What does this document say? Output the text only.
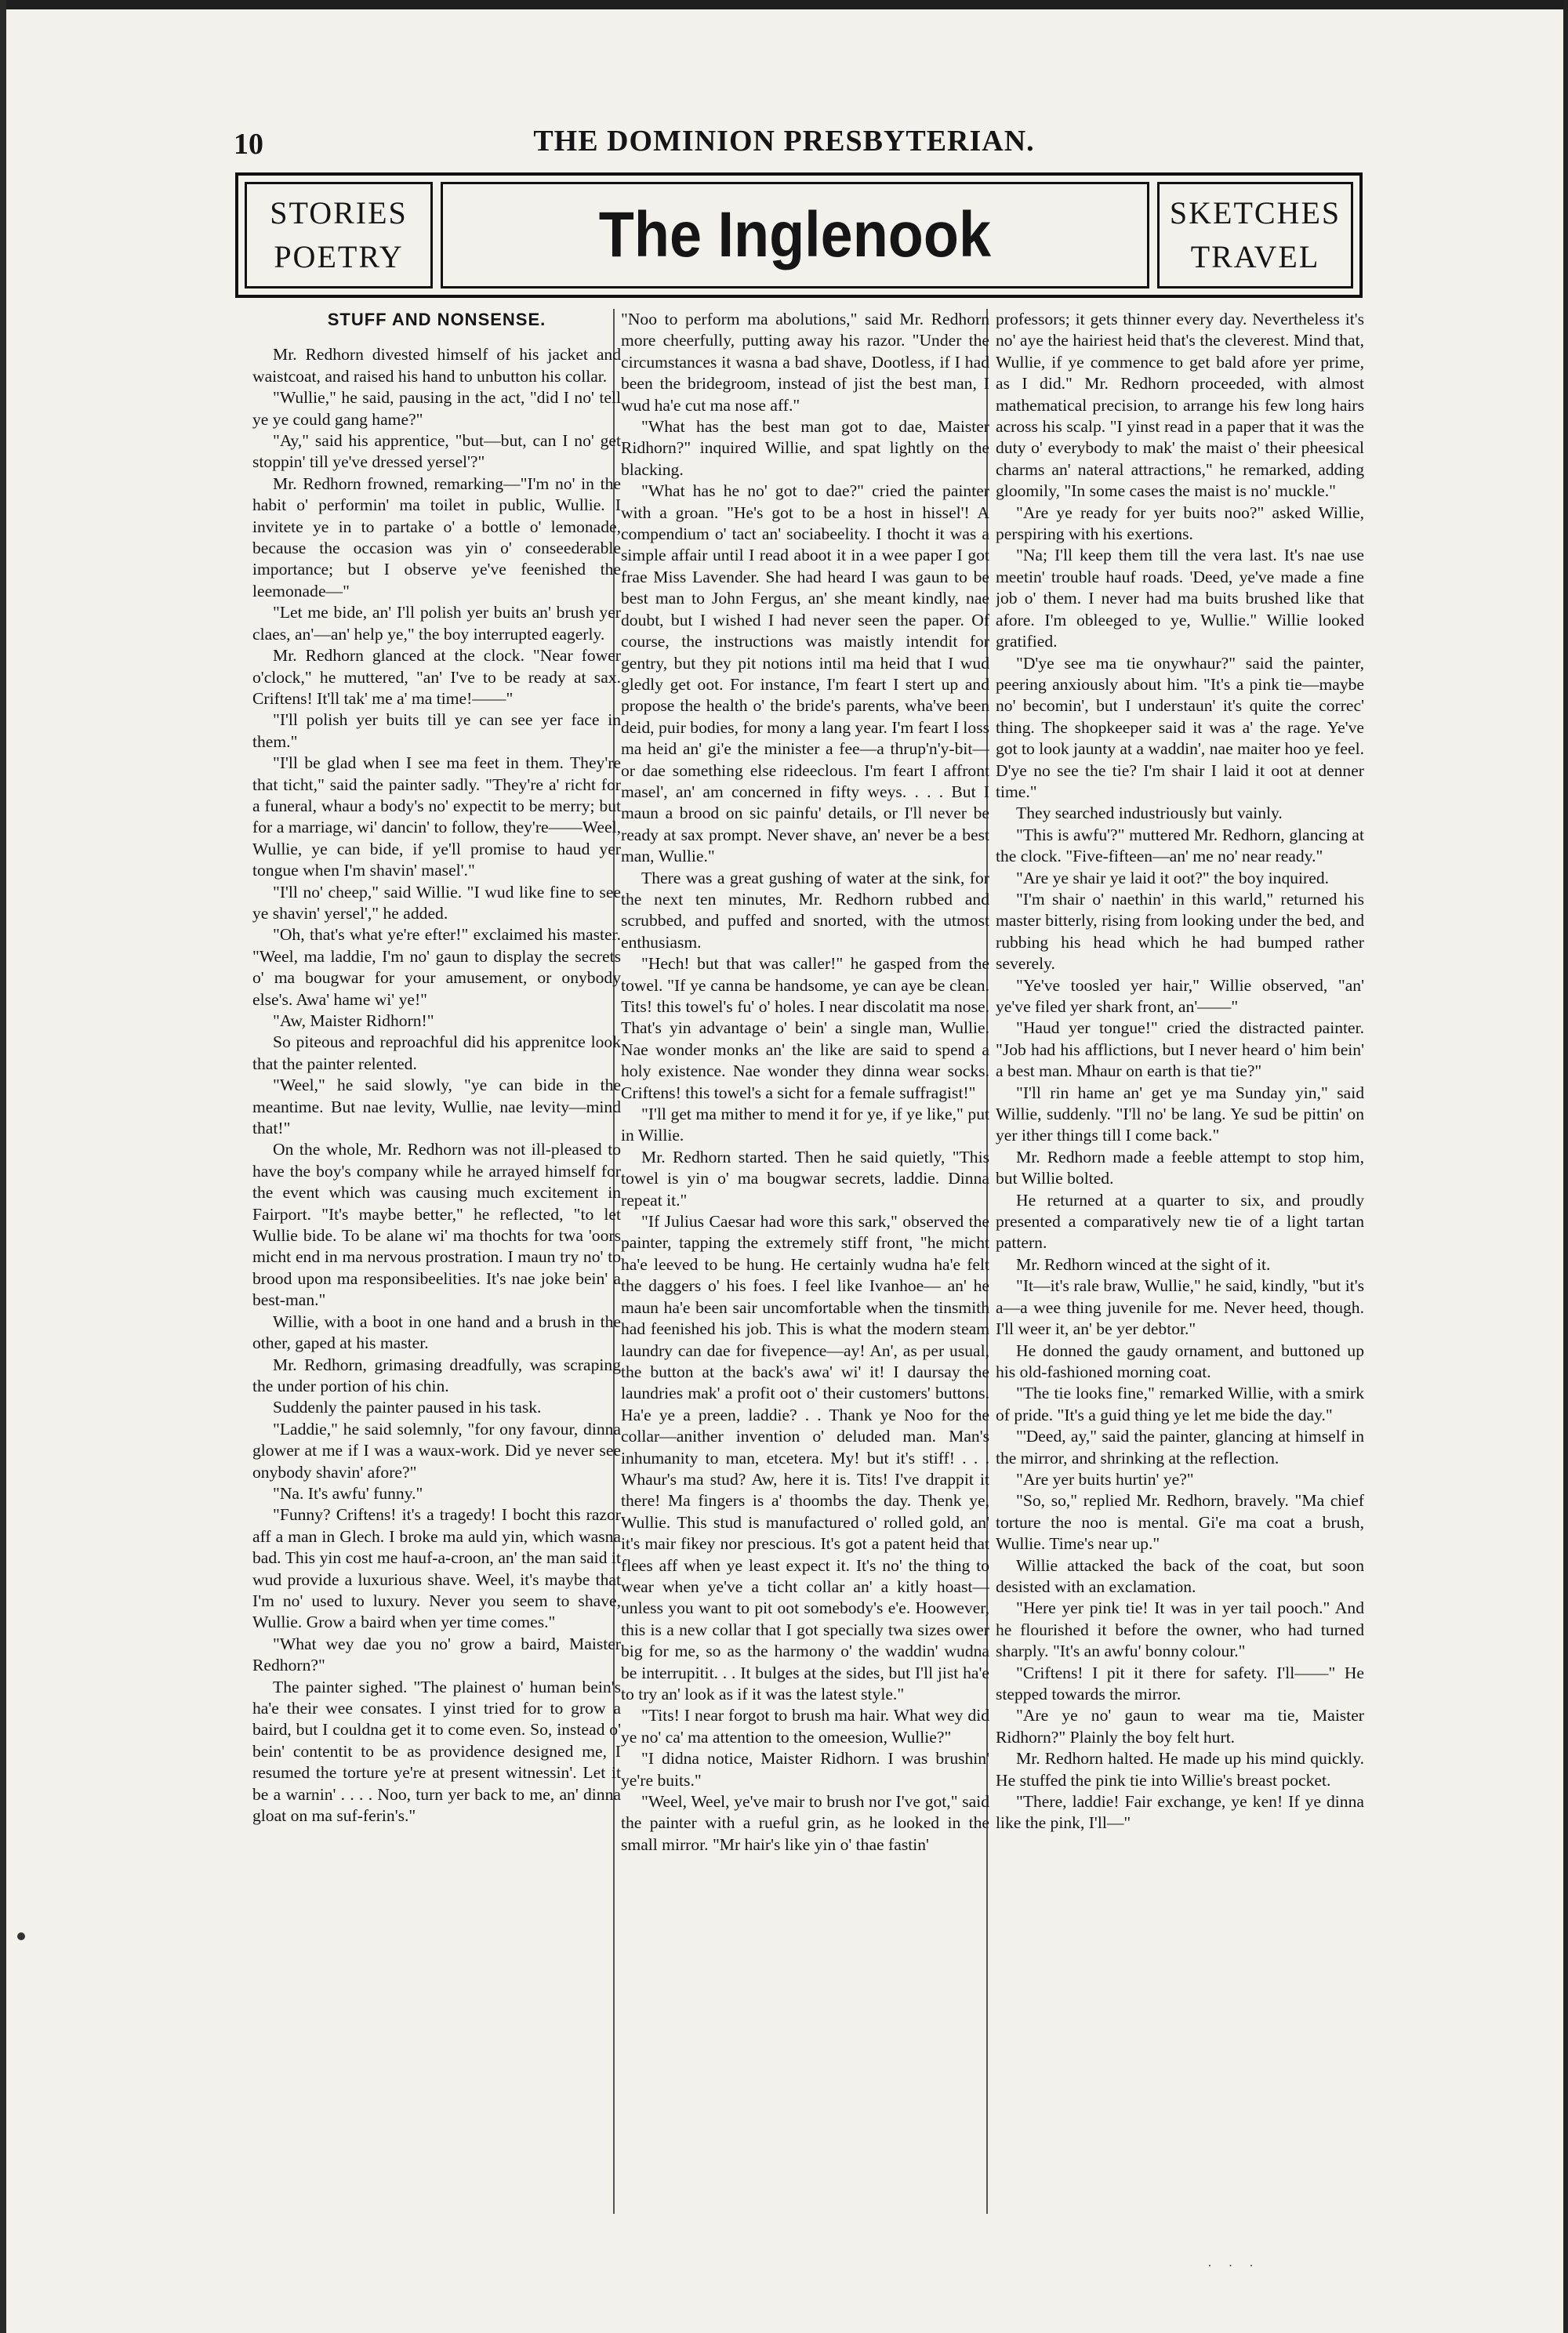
10	THE DOMINION PRESBYTERIAN.
STORIES
POETRY	The Inglenook	SKETCHES
TRAVEL
STUFF AND NONSENSE.

Mr. Redhorn divested himself of his jacket and waistcoat, and raised his hand to unbutton his collar.

"Wullie," he said, pausing in the act, "did I no' tell ye ye could gang hame?"

"Ay," said his apprentice, "but—but, can I no' get stoppin' till ye've dressed yersel'?"

Mr. Redhorn frowned, remarking—"I'm no' in the habit o' performin' ma toilet in public, Wullie. I invitete ye in to partake o' a bottle o' lemonade, because the occasion was yin o' conseederable importance; but I observe ye've feenished the leemonade—"

"Let me bide, an' I'll polish yer buits an' brush yer claes, an'—an' help ye," the boy interrupted eagerly.

Mr. Redhorn glanced at the clock. "Near fower o'clock," he muttered, "an' I've to be ready at sax. Criftens! It'll tak' me a' ma time!——"

"I'll polish yer buits till ye can see yer face in them."

"I'll be glad when I see ma feet in them. They're that ticht," said the painter sadly. "They're a' richt for a funeral, whaur a body's no' expectit to be merry; but for a marriage, wi' dancin' to follow, they're——Weel, Wullie, ye can bide, if ye'll promise to haud yer tongue when I'm shavin' masel'."

"I'll no' cheep," said Willie. "I wud like fine to see ye shavin' yersel'," he added.

"Oh, that's what ye're efter!" exclaimed his master. "Weel, ma laddie, I'm no' gaun to display the secrets o' ma bougwar for your amusement, or onybody else's. Awa' hame wi' ye!"

"Aw, Maister Ridhorn!"

So piteous and reproachful did his apprenitce look that the painter relented.

"Weel," he said slowly, "ye can bide in the meantime. But nae levity, Wullie, nae levity—mind that!"

On the whole, Mr. Redhorn was not ill-pleased to have the boy's company while he arrayed himself for the event which was causing much excitement in Fairport. "It's maybe better," he reflected, "to let Wullie bide. To be alane wi' ma thochts for twa 'oors micht end in ma nervous prostration. I maun try no' to brood upon ma responsibeelities. It's nae joke bein' a best-man."

Willie, with a boot in one hand and a brush in the other, gaped at his master.

Mr. Redhorn, grimasing dreadfully, was scraping the under portion of his chin.

Suddenly the painter paused in his task.

"Laddie," he said solemnly, "for ony favour, dinna glower at me if I was a waux-work. Did ye never see onybody shavin' afore?"

"Na. It's awfu' funny."

"Funny? Criftens! it's a tragedy! I bocht this razor aff a man in Glech. I broke ma auld yin, which wasna bad. This yin cost me hauf-a-croon, an' the man said it wud provide a luxurious shave. Weel, it's maybe that I'm no' used to luxury. Never you seem to shave, Wullie. Grow a baird when yer time comes."

"What wey dae you no' grow a baird, Maister Redhorn?"

The painter sighed. "The plainest o' human bein's ha'e their wee consates. I yinst tried for to grow a baird, but I couldna get it to come even. So, instead o' bein' contentit to be as providence designed me, I resumed the torture ye're at present witnessin'. Let it be a warnin' . . . . Noo, turn yer back to me, an' dinna gloat on ma suf-ferin's."

"Noo to perform ma abolutions," said Mr. Redhorn more cheerfully, putting away his razor. "Under the circumstances it wasna a bad shave, Dootless, if I had been the bridegroom, instead of jist the best man, I wud ha'e cut ma nose aff."

"What has the best man got to dae, Maister Ridhorn?" inquired Willie, and spat lightly on the blacking.

"What has he no' got to dae?" cried the painter with a groan. "He's got to be a host in hissel'! A compendium o' tact an' sociabeelity. I thocht it was a simple affair until I read aboot it in a wee paper I got frae Miss Lavender. She had heard I was gaun to be best man to John Fergus, an' she meant kindly, nae doubt, but I wished I had never seen the paper. Of course, the instructions was maistly intendit for gentry, but they pit notions intil ma heid that I wud gledly get oot. For instance, I'm feart I stert up and propose the health o' the bride's parents, wha've been deid, puir bodies, for mony a lang year. I'm feart I loss ma heid an' gi'e the minister a fee—a thrup'n'y-bit—or dae something else rideeclous. I'm feart I affront masel', an' am concerned in fifty weys. . . . But I maun a brood on sic painfu' details, or I'll never be ready at sax prompt. Never shave, an' never be a best man, Wullie."

There was a great gushing of water at the sink, for the next ten minutes, Mr. Redhorn rubbed and scrubbed, and puffed and snorted, with the utmost enthusiasm.

"Hech! but that was caller!" he gasped from the towel. "If ye canna be handsome, ye can aye be clean. Tits! this towel's fu' o' holes. I near discolatit ma nose. That's yin advantage o' bein' a single man, Wullie. Nae wonder monks an' the like are said to spend a holy existence. Nae wonder they dinna wear socks. Criftens! this towel's a sicht for a female suffragist!"

"I'll get ma mither to mend it for ye, if ye like," put in Willie.

Mr. Redhorn started. Then he said quietly, "This towel is yin o' ma bougwar secrets, laddie. Dinna repeat it."

"If Julius Caesar had wore this sark," observed the painter, tapping the extremely stiff front, "he micht ha'e leeved to be hung. He certainly wudna ha'e felt the daggers o' his foes. I feel like Ivanhoe— an' he maun ha'e been sair uncomfortable when the tinsmith had feenished his job. This is what the modern steam laundry can dae for fivepence—ay! An', as per usual, the button at the back's awa' wi' it! I daursay the laundries mak' a profit oot o' their customers' buttons. Ha'e ye a preen, laddie? . . Thank ye Noo for the collar—anither invention o' deluded man. Man's inhumanity to man, etcetera. My! but it's stiff! . . . Whaur's ma stud? Aw, here it is. Tits! I've drappit it there! Ma fingers is a' thoombs the day. Thenk ye, Wullie. This stud is manufactured o' rolled gold, an' it's mair fikey nor prescious. It's got a patent heid that flees aff when ye least expect it. It's no' the thing to wear when ye've a ticht collar an' a kitly hoast—unless you want to pit oot somebody's e'e. Hoowever, this is a new collar that I got specially twa sizes ower big for me, so as the harmony o' the waddin' wudna be interrupitit. . . It bulges at the sides, but I'll jist ha'e to try an' look as if it was the latest style."

"Tits! I near forgot to brush ma hair. What wey did ye no' ca' ma attention to the omeesion, Wullie?"

"I didna notice, Maister Ridhorn. I was brushin' ye're buits."

"Weel, Weel, ye've mair to brush nor I've got," said the painter with a rueful grin, as he looked in the small mirror. "Mr hair's like yin o' thae fastin'

professors; it gets thinner every day. Nevertheless it's no' aye the hairiest heid that's the cleverest. Mind that, Wullie, if ye commence to get bald afore yer prime, as I did." Mr. Redhorn proceeded, with almost mathematical precision, to arrange his few long hairs across his scalp. "I yinst read in a paper that it was the duty o' everybody to mak' the maist o' their pheesical charms an' nateral attractions," he remarked, adding gloomily, "In some cases the maist is no' muckle."

"Are ye ready for yer buits noo?" asked Willie, perspiring with his exertions.

"Na; I'll keep them till the vera last. It's nae use meetin' trouble hauf roads. 'Deed, ye've made a fine job o' them. I never had ma buits brushed like that afore. I'm obleeged to ye, Wullie." Willie looked gratified.

"D'ye see ma tie onywhaur?" said the painter, peering anxiously about him. "It's a pink tie—maybe no' becomin', but I understaun' it's quite the correc' thing. The shopkeeper said it was a' the rage. Ye've got to look jaunty at a waddin', nae maiter hoo ye feel. D'ye no see the tie? I'm shair I laid it oot at denner time."

They searched industriously but vainly.

"This is awfu'?" muttered Mr. Redhorn, glancing at the clock. "Five-fifteen—an' me no' near ready."

"Are ye shair ye laid it oot?" the boy inquired.

"I'm shair o' naethin' in this warld," returned his master bitterly, rising from looking under the bed, and rubbing his head which he had bumped rather severely.

"Ye've toosled yer hair," Willie observed, "an' ye've filed yer shark front, an'——"

"Haud yer tongue!" cried the distracted painter. "Job had his afflictions, but I never heard o' him bein' a best man. Mhaur on earth is that tie?"

"I'll rin hame an' get ye ma Sunday yin," said Willie, suddenly. "I'll no' be lang. Ye sud be pittin' on yer ither things till I come back."

Mr. Redhorn made a feeble attempt to stop him, but Willie bolted.

He returned at a quarter to six, and proudly presented a comparatively new tie of a light tartan pattern.

Mr. Redhorn winced at the sight of it.

"It—it's rale braw, Wullie," he said, kindly, "but it's a—a wee thing juvenile for me. Never heed, though. I'll weer it, an' be yer debtor."

He donned the gaudy ornament, and buttoned up his old-fashioned morning coat.

"The tie looks fine," remarked Willie, with a smirk of pride. "It's a guid thing ye let me bide the day."

"'Deed, ay," said the painter, glancing at himself in the mirror, and shrinking at the reflection.

"Are yer buits hurtin' ye?"

"So, so," replied Mr. Redhorn, bravely. "Ma chief torture the noo is mental. Gi'e ma coat a brush, Wullie. Time's near up."

Willie attacked the back of the coat, but soon desisted with an exclamation.

"Here yer pink tie! It was in yer tail pooch." And he flourished it before the owner, who had turned sharply. "It's an awfu' bonny colour."

"Criftens! I pit it there for safety. I'll——" He stepped towards the mirror.

"Are ye no' gaun to wear ma tie, Maister Ridhorn?" Plainly the boy felt hurt.

Mr. Redhorn halted. He made up his mind quickly. He stuffed the pink tie into Willie's breast pocket.

"There, laddie! Fair exchange, ye ken! If ye dinna like the pink, I'll—"

· · ·
